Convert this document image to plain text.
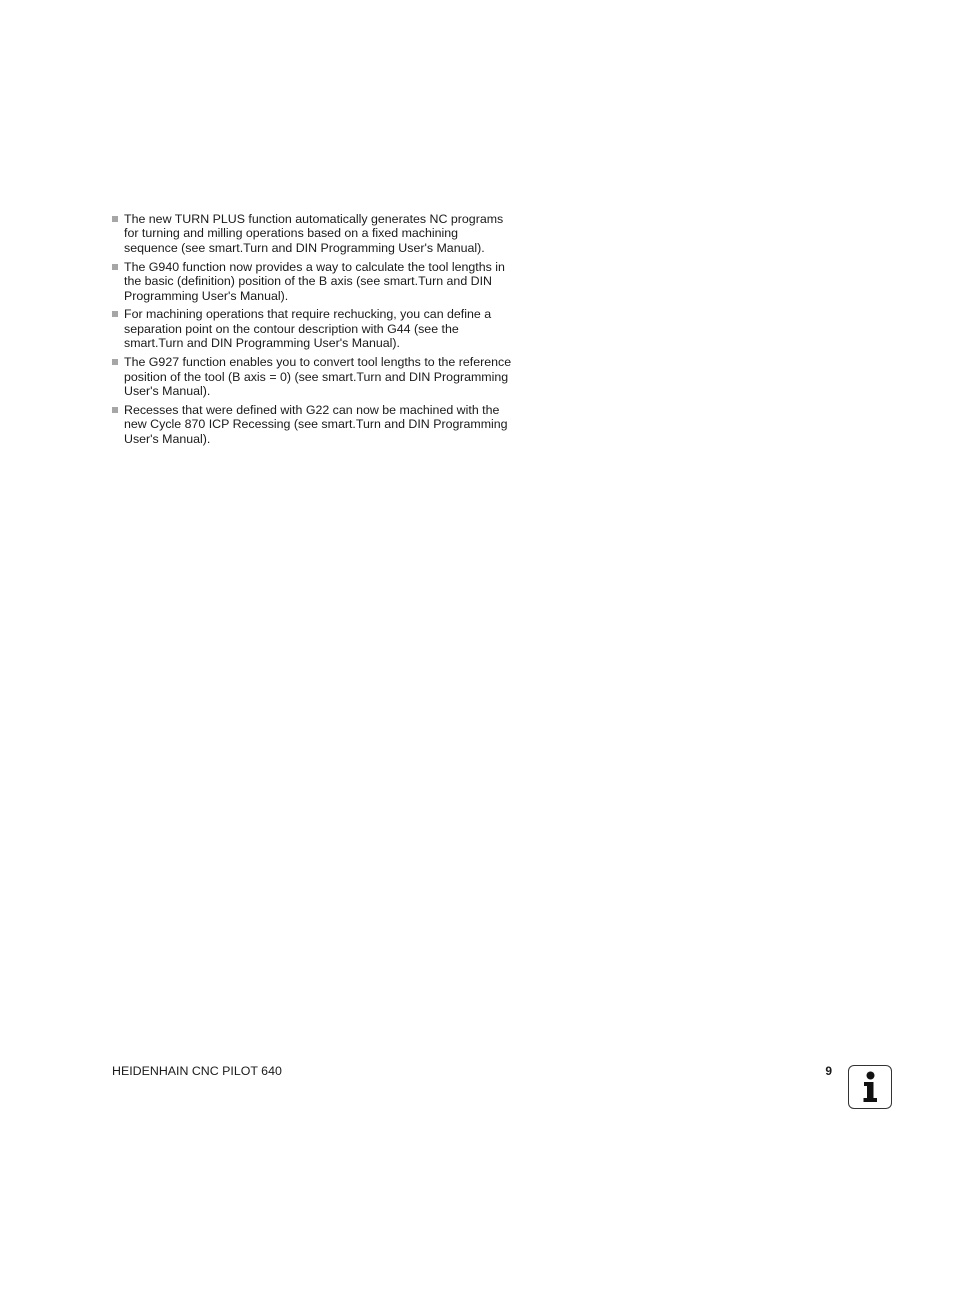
The new TURN PLUS function automatically generates NC programs for turning and milling operations based on a fixed machining sequence (see smart.Turn and DIN Programming User's Manual).
The G940 function now provides a way to calculate the tool lengths in the basic (definition) position of the B axis (see smart.Turn and DIN Programming User's Manual).
For machining operations that require rechucking, you can define a separation point on the contour description with G44 (see the smart.Turn and DIN Programming User's Manual).
The G927 function enables you to convert tool lengths to the reference position of the tool (B axis = 0) (see smart.Turn and DIN Programming User's Manual).
Recesses that were defined with G22 can now be machined with the new Cycle 870 ICP Recessing (see smart.Turn and DIN Programming User's Manual).
HEIDENHAIN CNC PILOT 640	9
